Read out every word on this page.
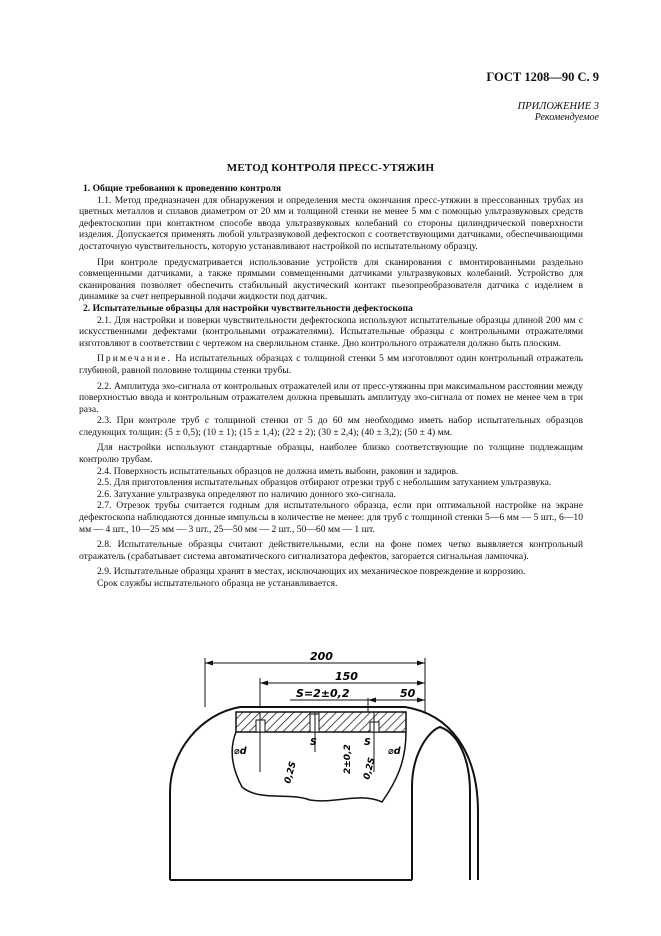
ГОСТ 1208—90 С. 9
ПРИЛОЖЕНИЕ 3
Рекомендуемое
МЕТОД КОНТРОЛЯ ПРЕСС-УТЯЖИН

1. Общие требования к проведению контроля

1.1. Метод предназначен для обнаружения и определения места окончания пресс-утяжин в прессованных трубах из цветных металлов и сплавов диаметром от 20 мм и толщиной стенки не менее 5 мм с помощью ультразвуковых средств дефектоскопии при контактном способе ввода ультразвуковых колебаний со стороны цилиндрической поверхности изделия. Допускается применять любой ультразвуковой дефектоскоп с соответствующими датчиками, обеспечивающими достаточную чувствительность, которую устанавливают настройкой по испытательному образцу.

При контроле предусматривается использование устройств для сканирования с вмонтированными раздельно совмещенными датчиками, а также прямыми совмещенными датчиками ультразвуковых колебаний. Устройство для сканирования позволяет обеспечить стабильный акустический контакт пьезопреобразователя датчика с изделием в динамике за счет непрерывной подачи жидкости под датчик.

2. Испытательные образцы для настройки чувствительности дефектоскопа

2.1. Для настройки и поверки чувствительности дефектоскопа используют испытательные образцы длиной 200 мм с искусственными дефектами (контрольными отражателями). Испытательные образцы с контрольными отражателями изготовляют в соответствии с чертежом на сверлильном станке. Дно контрольного отражателя должно быть плоским.

Примечание. На испытательных образцах с толщиной стенки 5 мм изготовляют один контрольный отражатель глубиной, равной половине толщины стенки трубы.

2.2. Амплитуда эхо-сигнала от контрольных отражателей или от пресс-утяжины при максимальном расстоянии между поверхностью ввода и контрольным отражателем должна превышать амплитуду эхо-сигнала от помех не менее чем в три раза.

2.3. При контроле труб с толщиной стенки от 5 до 60 мм необходимо иметь набор испытательных образцов следующих толщин: (5 ± 0,5); (10 ± 1); (15 ± 1,4); (22 ± 2); (30 ± 2,4); (40 ± 3,2); (50 ± 4) мм.

Для настройки используют стандартные образцы, наиболее близко соответствующие по толщине подлежащим контролю трубам.

2.4. Поверхность испытательных образцов не должна иметь выбоин, раковин и задиров.

2.5. Для приготовления испытательных образцов отбирают отрезки труб с небольшим затуханием ультразвука.

2.6. Затухание ультразвука определяют по наличию донного эхо-сигнала.

2.7. Отрезок трубы считается годным для испытательного образца, если при оптимальной настройке на экране дефектоскопа наблюдаются донные импульсы в количестве не менее: для труб с толщиной стенки 5—6 мм — 5 шт., 6—10 мм — 4 шт., 10—25 мм — 3 шт., 25—50 мм — 2 шт., 50—60 мм — 1 шт.

2.8. Испытательные образцы считают действительными, если на фоне помех четко выявляется контрольный отражатель (срабатывает система автоматического сигнализатора дефектов, загорается сигнальная лампочка).

2.9. Испытательные образцы хранят в местах, исключающих их механическое повреждение и коррозию.

Срок службы испытательного образца не устанавливается.

200
150
50
S=2±0,2
⌀d	⌀d
S	S
0,2S	2±0,2 0,2S
